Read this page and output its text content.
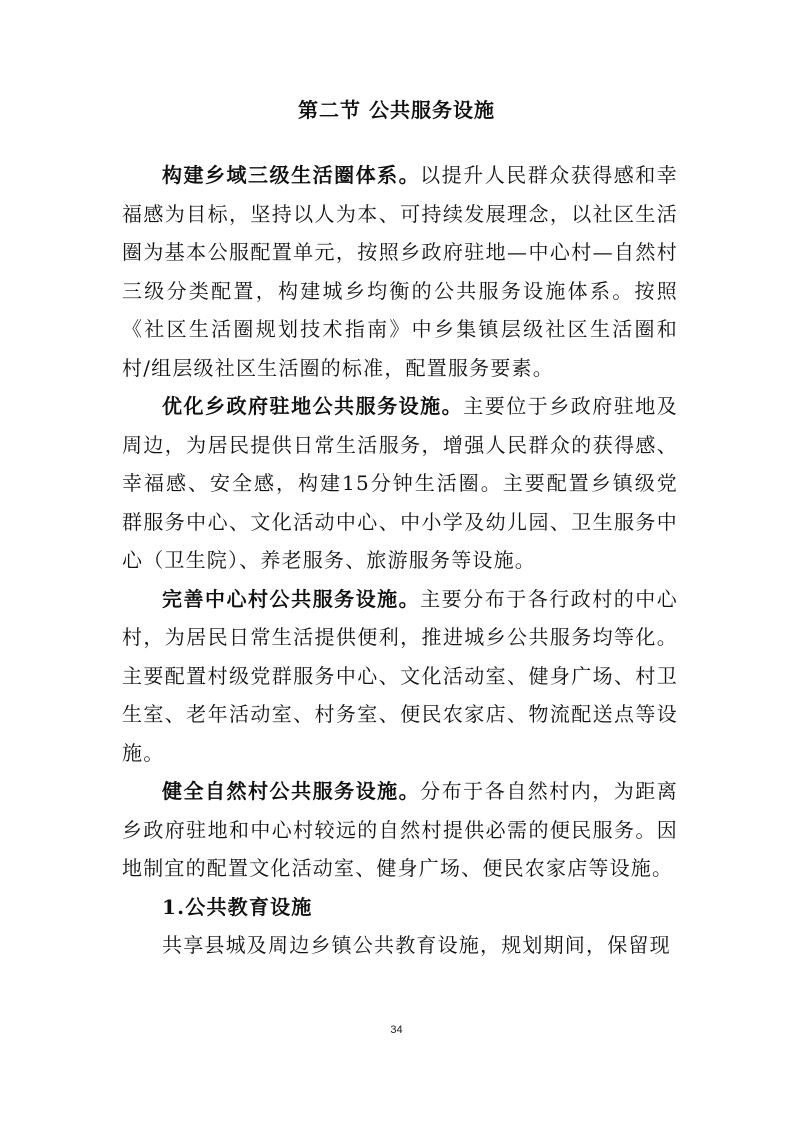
第二节 公共服务设施

构建乡域三级生活圈体系。以提升人民群众获得感和幸福感为目标，坚持以人为本、可持续发展理念，以社区生活圈为基本公服配置单元，按照乡政府驻地—中心村—自然村三级分类配置，构建城乡均衡的公共服务设施体系。按照《社区生活圈规划技术指南》中乡集镇层级社区生活圈和村/组层级社区生活圈的标准，配置服务要素。

优化乡政府驻地公共服务设施。主要位于乡政府驻地及周边，为居民提供日常生活服务，增强人民群众的获得感、幸福感、安全感，构建15分钟生活圈。主要配置乡镇级党群服务中心、文化活动中心、中小学及幼儿园、卫生服务中心（卫生院）、养老服务、旅游服务等设施。

完善中心村公共服务设施。主要分布于各行政村的中心村，为居民日常生活提供便利，推进城乡公共服务均等化。主要配置村级党群服务中心、文化活动室、健身广场、村卫生室、老年活动室、村务室、便民农家店、物流配送点等设施。

健全自然村公共服务设施。分布于各自然村内，为距离乡政府驻地和中心村较远的自然村提供必需的便民服务。因地制宜的配置文化活动室、健身广场、便民农家店等设施。

1.公共教育设施

共享县城及周边乡镇公共教育设施，规划期间，保留现

34
